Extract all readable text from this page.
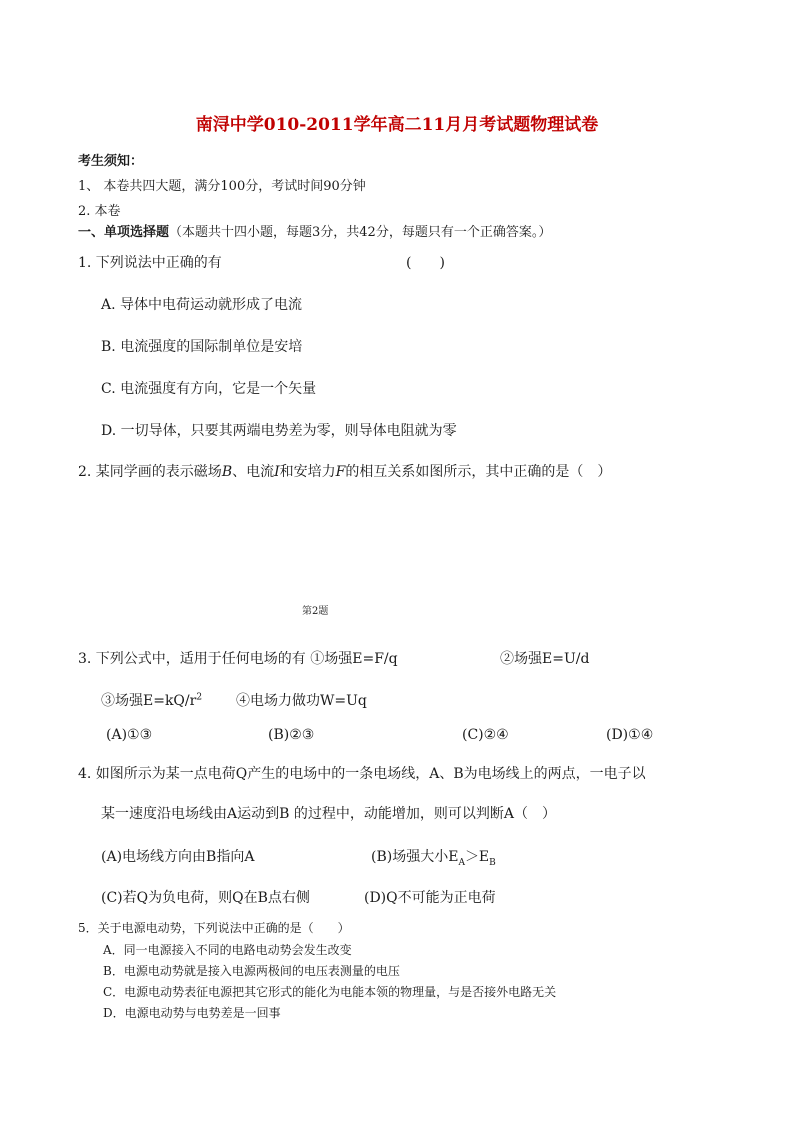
南浔中学010-2011学年高二11月月考试题物理试卷
考生须知：
1、 本卷共四大题，满分100分，考试时间90分钟
2. 本卷
一、单项选择题（本题共十四小题，每题3分，共42分，每题只有一个正确答案。）
1. 下列说法中正确的有	(　　)
A. 导体中电荷运动就形成了电流
B. 电流强度的国际制单位是安培
C. 电流强度有方向，它是一个矢量
D. 一切导体，只要其两端电势差为零，则导体电阻就为零
2. 某同学画的表示磁场B、电流I和安培力F的相互关系如图所示，其中正确的是（　）
第2题
3. 下列公式中，适用于任何电场的有 ①场强E=F/q	②场强E=U/d
③场强$E=kQ/r^2$ ④电场力做功W=Uq
(A)①③	(B)②③	(C)②④	(D)①④
4. 如图所示为某一点电荷Q产生的电场中的一条电场线，A、B为电场线上的两点，一电子以
某一速度沿电场线由A运动到B 的过程中，动能增加，则可以判断A（　）
(A)电场线方向由B指向A	(B)场强大小$E_A>E_B$
(C)若Q为负电荷，则Q在B点右侧	(D)Q不可能为正电荷
5．关于电源电动势，下列说法中正确的是（　　）
A．同一电源接入不同的电路电动势会发生改变
B．电源电动势就是接入电源两极间的电压表测量的电压
C．电源电动势表征电源把其它形式的能化为电能本领的物理量，与是否接外电路无关
D．电源电动势与电势差是一回事
